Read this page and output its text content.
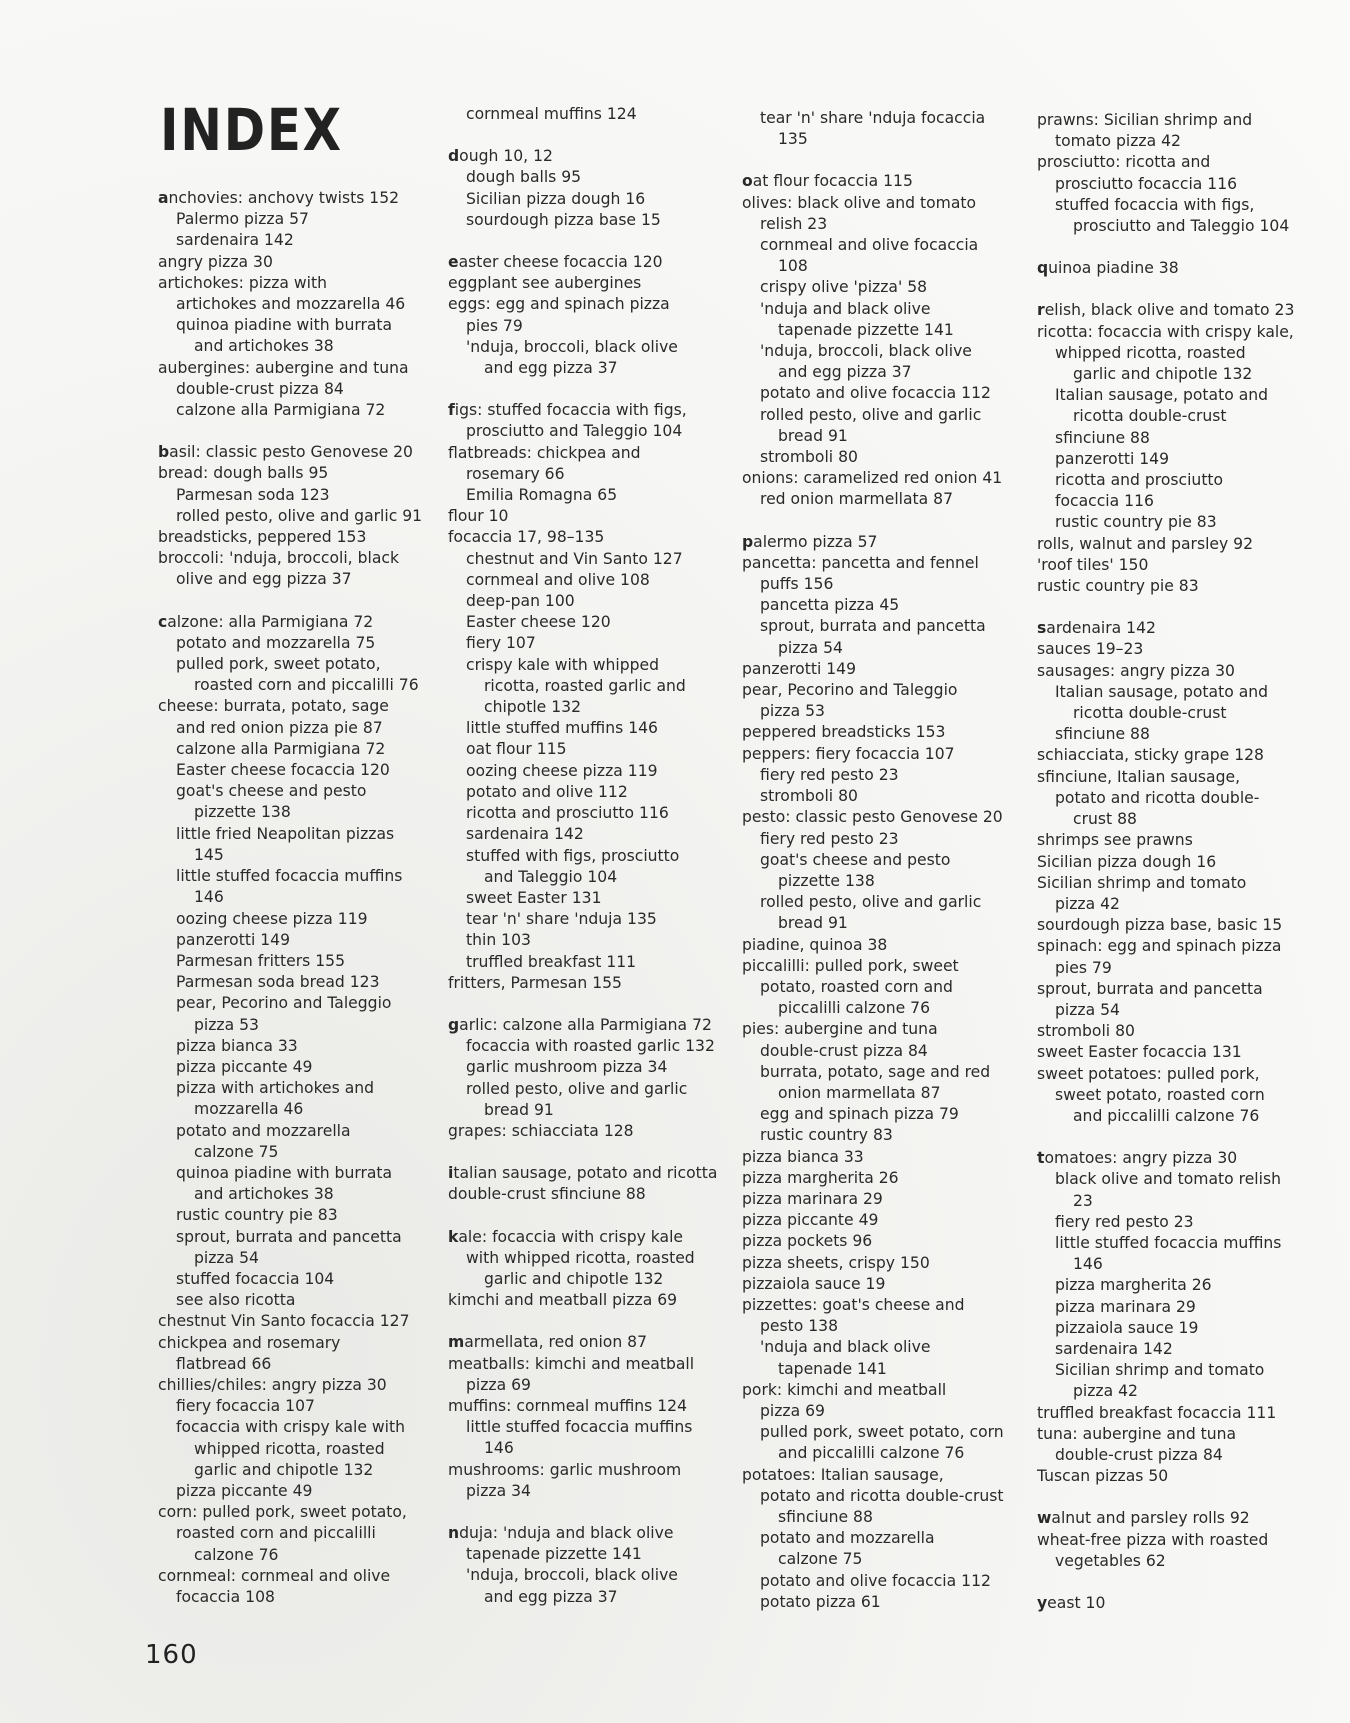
INDEX
anchovies: anchovy twists 152
Palermo pizza 57
sardenaira 142
angry pizza 30
artichokes: pizza with
artichokes and mozzarella 46
quinoa piadine with burrata
and artichokes 38
aubergines: aubergine and tuna
double-crust pizza 84
calzone alla Parmigiana 72
basil: classic pesto Genovese 20
bread: dough balls 95
Parmesan soda 123
rolled pesto, olive and garlic 91
breadsticks, peppered 153
broccoli: 'nduja, broccoli, black
olive and egg pizza 37
calzone: alla Parmigiana 72
potato and mozzarella 75
pulled pork, sweet potato,
roasted corn and piccalilli 76
cheese: burrata, potato, sage
and red onion pizza pie 87
calzone alla Parmigiana 72
Easter cheese focaccia 120
goat's cheese and pesto
pizzette 138
little fried Neapolitan pizzas
145
little stuffed focaccia muffins
146
oozing cheese pizza 119
panzerotti 149
Parmesan fritters 155
Parmesan soda bread 123
pear, Pecorino and Taleggio
pizza 53
pizza bianca 33
pizza piccante 49
pizza with artichokes and
mozzarella 46
potato and mozzarella
calzone 75
quinoa piadine with burrata
and artichokes 38
rustic country pie 83
sprout, burrata and pancetta
pizza 54
stuffed focaccia 104
see also ricotta
chestnut Vin Santo focaccia 127
chickpea and rosemary
flatbread 66
chillies/chiles: angry pizza 30
fiery focaccia 107
focaccia with crispy kale with
whipped ricotta, roasted
garlic and chipotle 132
pizza piccante 49
corn: pulled pork, sweet potato,
roasted corn and piccalilli
calzone 76
cornmeal: cornmeal and olive
focaccia 108
cornmeal muffins 124
dough 10, 12
dough balls 95
Sicilian pizza dough 16
sourdough pizza base 15
easter cheese focaccia 120
eggplant see aubergines
eggs: egg and spinach pizza
pies 79
'nduja, broccoli, black olive
and egg pizza 37
figs: stuffed focaccia with figs,
prosciutto and Taleggio 104
flatbreads: chickpea and
rosemary 66
Emilia Romagna 65
flour 10
focaccia 17, 98–135
chestnut and Vin Santo 127
cornmeal and olive 108
deep-pan 100
Easter cheese 120
fiery 107
crispy kale with whipped
ricotta, roasted garlic and
chipotle 132
little stuffed muffins 146
oat flour 115
oozing cheese pizza 119
potato and olive 112
ricotta and prosciutto 116
sardenaira 142
stuffed with figs, prosciutto
and Taleggio 104
sweet Easter 131
tear 'n' share 'nduja 135
thin 103
truffled breakfast 111
fritters, Parmesan 155
garlic: calzone alla Parmigiana 72
focaccia with roasted garlic 132
garlic mushroom pizza 34
rolled pesto, olive and garlic
bread 91
grapes: schiacciata 128
italian sausage, potato and ricotta
double-crust sfinciune 88
kale: focaccia with crispy kale
with whipped ricotta, roasted
garlic and chipotle 132
kimchi and meatball pizza 69
marmellata, red onion 87
meatballs: kimchi and meatball
pizza 69
muffins: cornmeal muffins 124
little stuffed focaccia muffins
146
mushrooms: garlic mushroom
pizza 34
nduja: 'nduja and black olive
tapenade pizzette 141
'nduja, broccoli, black olive
and egg pizza 37
tear 'n' share 'nduja focaccia
135
oat flour focaccia 115
olives: black olive and tomato
relish 23
cornmeal and olive focaccia
108
crispy olive 'pizza' 58
'nduja and black olive
tapenade pizzette 141
'nduja, broccoli, black olive
and egg pizza 37
potato and olive focaccia 112
rolled pesto, olive and garlic
bread 91
stromboli 80
onions: caramelized red onion 41
red onion marmellata 87
palermo pizza 57
pancetta: pancetta and fennel
puffs 156
pancetta pizza 45
sprout, burrata and pancetta
pizza 54
panzerotti 149
pear, Pecorino and Taleggio
pizza 53
peppered breadsticks 153
peppers: fiery focaccia 107
fiery red pesto 23
stromboli 80
pesto: classic pesto Genovese 20
fiery red pesto 23
goat's cheese and pesto
pizzette 138
rolled pesto, olive and garlic
bread 91
piadine, quinoa 38
piccalilli: pulled pork, sweet
potato, roasted corn and
piccalilli calzone 76
pies: aubergine and tuna
double-crust pizza 84
burrata, potato, sage and red
onion marmellata 87
egg and spinach pizza 79
rustic country 83
pizza bianca 33
pizza margherita 26
pizza marinara 29
pizza piccante 49
pizza pockets 96
pizza sheets, crispy 150
pizzaiola sauce 19
pizzettes: goat's cheese and
pesto 138
'nduja and black olive
tapenade 141
pork: kimchi and meatball
pizza 69
pulled pork, sweet potato, corn
and piccalilli calzone 76
potatoes: Italian sausage,
potato and ricotta double-crust
sfinciune 88
potato and mozzarella
calzone 75
potato and olive focaccia 112
potato pizza 61
prawns: Sicilian shrimp and
tomato pizza 42
prosciutto: ricotta and
prosciutto focaccia 116
stuffed focaccia with figs,
prosciutto and Taleggio 104
quinoa piadine 38
relish, black olive and tomato 23
ricotta: focaccia with crispy kale,
whipped ricotta, roasted
garlic and chipotle 132
Italian sausage, potato and
ricotta double-crust
sfinciune 88
panzerotti 149
ricotta and prosciutto
focaccia 116
rustic country pie 83
rolls, walnut and parsley 92
'roof tiles' 150
rustic country pie 83
sardenaira 142
sauces 19–23
sausages: angry pizza 30
Italian sausage, potato and
ricotta double-crust
sfinciune 88
schiacciata, sticky grape 128
sfinciune, Italian sausage,
potato and ricotta double-
crust 88
shrimps see prawns
Sicilian pizza dough 16
Sicilian shrimp and tomato
pizza 42
sourdough pizza base, basic 15
spinach: egg and spinach pizza
pies 79
sprout, burrata and pancetta
pizza 54
stromboli 80
sweet Easter focaccia 131
sweet potatoes: pulled pork,
sweet potato, roasted corn
and piccalilli calzone 76
tomatoes: angry pizza 30
black olive and tomato relish
23
fiery red pesto 23
little stuffed focaccia muffins
146
pizza margherita 26
pizza marinara 29
pizzaiola sauce 19
sardenaira 142
Sicilian shrimp and tomato
pizza 42
truffled breakfast focaccia 111
tuna: aubergine and tuna
double-crust pizza 84
Tuscan pizzas 50
walnut and parsley rolls 92
wheat-free pizza with roasted
vegetables 62
yeast 10
160
